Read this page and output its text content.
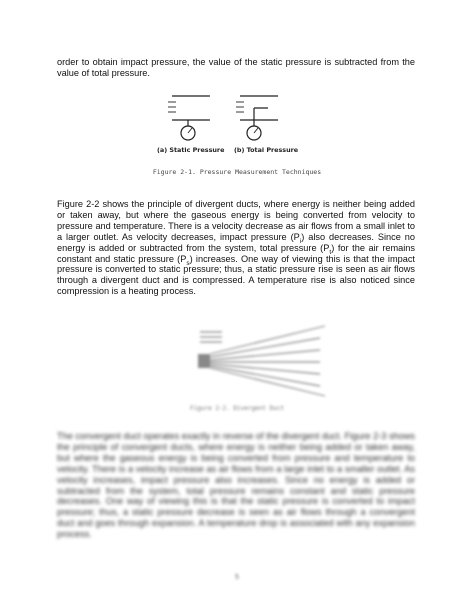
order to obtain impact pressure, the value of the static pressure is subtracted from the value of total pressure.

(a) Static Pressure (b) Total Pressure
Figure 2-1. Pressure Measurement Techniques

Figure 2-2 shows the principle of divergent ducts, where energy is neither being added or taken away, but where the gaseous energy is being converted from velocity to pressure and temperature. There is a velocity decrease as air flows from a small inlet to a larger outlet. As velocity decreases, impact pressure $(P_i)$ also decreases. Since no energy is added or subtracted from the system, total pressure $(P_t)$ for the air remains constant and static pressure $(P_s)$ increases. One way of viewing this is that the impact pressure is converted to static pressure; thus, a static pressure rise is seen as air flows through a divergent duct and is compressed. A temperature rise is also noticed since compression is a heating process.

Figure 2-2. Divergent Duct

The convergent duct operates exactly in reverse of the divergent duct. Figure 2-3 shows the principle of convergent ducts, where energy is neither being added or taken away, but where the gaseous energy is being converted from pressure and temperature to velocity. There is a velocity increase as air flows from a large inlet to a smaller outlet. As velocity increases, impact pressure also increases. Since no energy is added or subtracted from the system, total pressure remains constant and static pressure decreases. One way of viewing this is that the static pressure is converted to impact pressure; thus, a static pressure decrease is seen as air flows through a convergent duct and goes through expansion. A temperature drop is associated with any expansion process.

5
